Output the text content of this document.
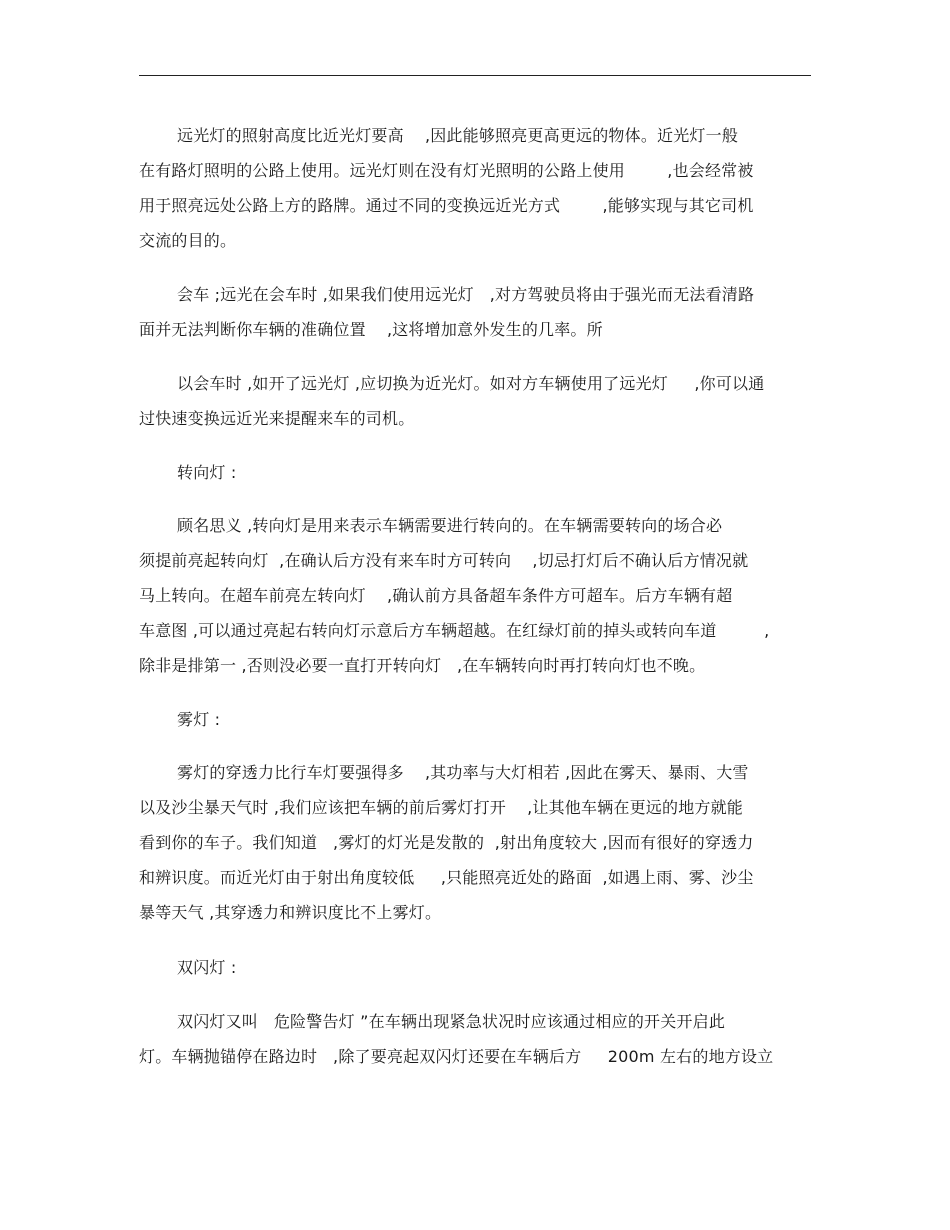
远光灯的照射高度比近光灯要高    ,因此能够照亮更高更远的物体。近光灯一般

在有路灯照明的公路上使用。远光灯则在没有灯光照明的公路上使用        ,也会经常被

用于照亮远处公路上方的路牌。通过不同的变换远近光方式        ,能够实现与其它司机

交流的目的。

会车 ;远光在会车时 ,如果我们使用远光灯   ,对方驾驶员将由于强光而无法看清路

面并无法判断你车辆的准确位置    ,这将增加意外发生的几率。所

以会车时 ,如开了远光灯 ,应切换为近光灯。如对方车辆使用了远光灯     ,你可以通

过快速变换远近光来提醒来车的司机。

转向灯 :

顾名思义 ,转向灯是用来表示车辆需要进行转向的。在车辆需要转向的场合必

须提前亮起转向灯  ,在确认后方没有来车时方可转向    ,切忌打灯后不确认后方情况就

马上转向。在超车前亮左转向灯    ,确认前方具备超车条件方可超车。后方车辆有超

车意图 ,可以通过亮起右转向灯示意后方车辆超越。在红绿灯前的掉头或转向车道         ,

除非是排第一 ,否则没必要一直打开转向灯   ,在车辆转向时再打转向灯也不晚。

雾灯 :

雾灯的穿透力比行车灯要强得多    ,其功率与大灯相若 ,因此在雾天、暴雨、大雪

以及沙尘暴天气时 ,我们应该把车辆的前后雾灯打开    ,让其他车辆在更远的地方就能

看到你的车子。我们知道   ,雾灯的灯光是发散的  ,射出角度较大 ,因而有很好的穿透力

和辨识度。而近光灯由于射出角度较低     ,只能照亮近处的路面  ,如遇上雨、雾、沙尘

暴等天气 ,其穿透力和辨识度比不上雾灯。

双闪灯 :

双闪灯又叫   危险警告灯 ”在车辆出现紧急状况时应该通过相应的开关开启此

灯。车辆抛锚停在路边时   ,除了要亮起双闪灯还要在车辆后方     200m 左右的地方设立
